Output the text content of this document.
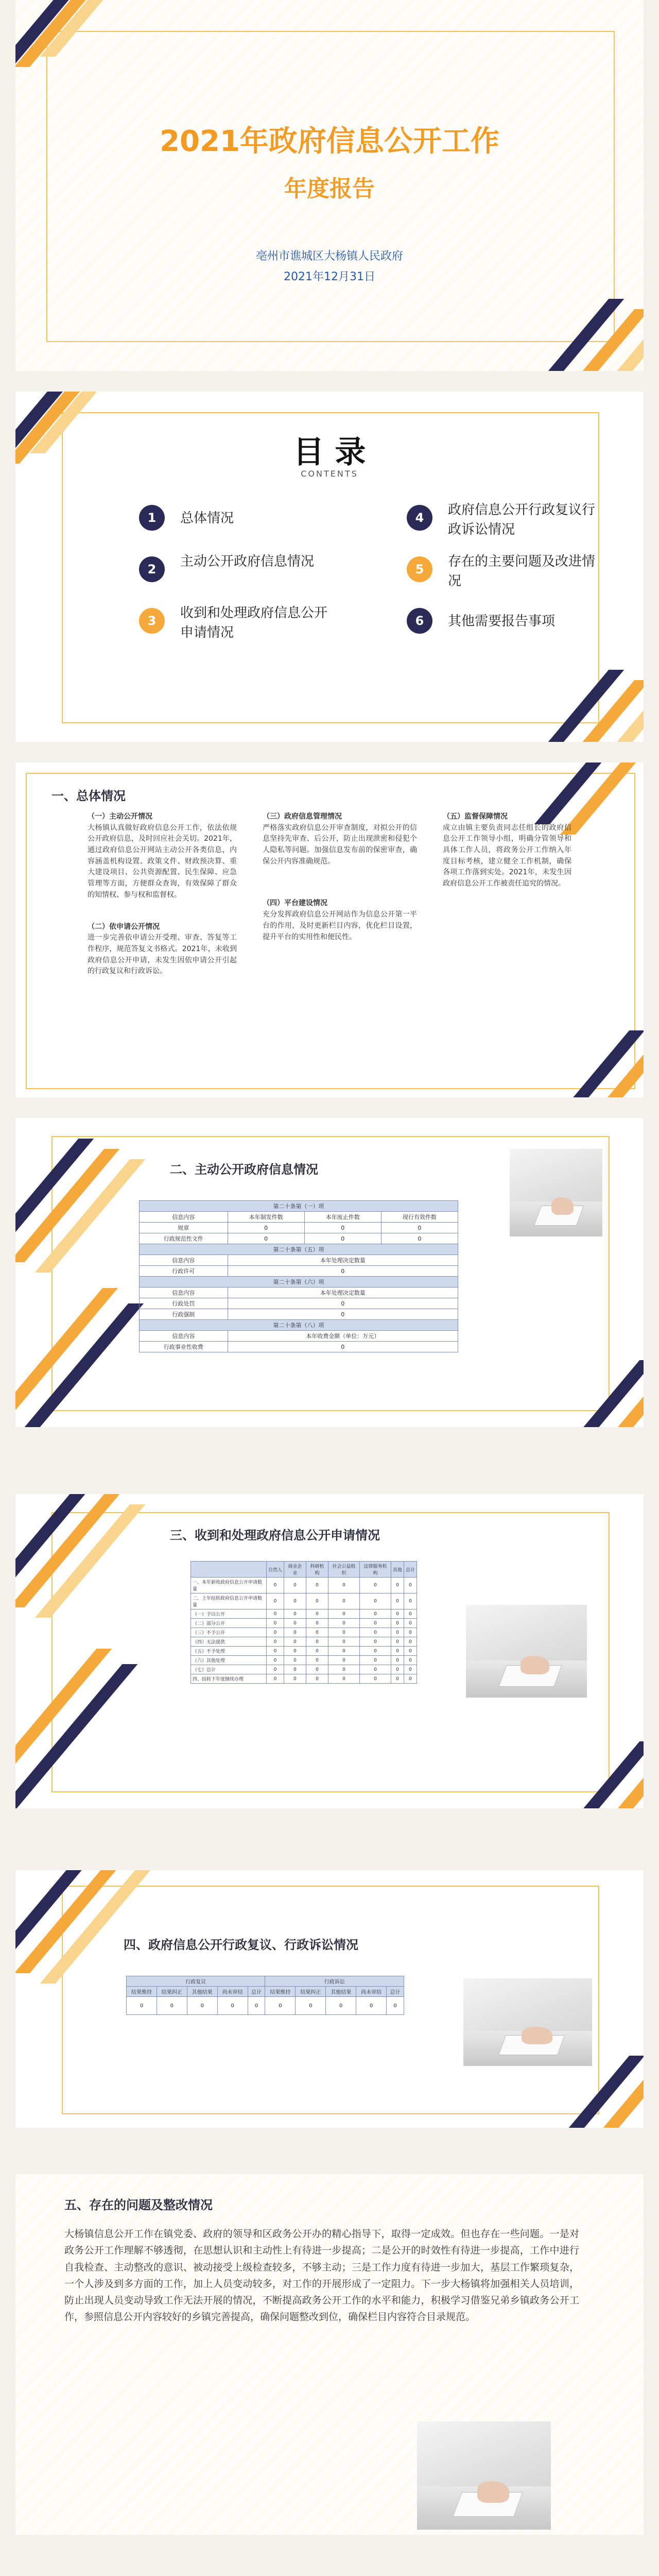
2021年政府信息公开工作
年度报告
亳州市谯城区大杨镇人民政府
2021年12月31日
目 录
CONTENTS
1	总体情况
2	主动公开政府信息情况
3	收到和处理政府信息公开申请情况
4	政府信息公开行政复议行政诉讼情况
5	存在的主要问题及改进情况
6	其他需要报告事项
一、总体情况
（一）主动公开情况
大杨镇认真做好政府信息公开工作，依法依规公开政府信息，及时回应社会关切。2021年，通过政府信息公开网站主动公开各类信息，内容涵盖机构设置、政策文件、财政预决算、重大建设项目、公共资源配置、民生保障、应急管理等方面，方便群众查询，有效保障了群众的知情权、参与权和监督权。
（二）依申请公开情况
进一步完善依申请公开受理、审查、答复等工作程序，规范答复文书格式。2021年，未收到政府信息公开申请，未发生因依申请公开引起的行政复议和行政诉讼。
（三）政府信息管理情况
严格落实政府信息公开审查制度，对拟公开的信息坚持先审查、后公开，防止出现泄密和侵犯个人隐私等问题。加强信息发布前的保密审查，确保公开内容准确规范。
（四）平台建设情况
充分发挥政府信息公开网站作为信息公开第一平台的作用，及时更新栏目内容，优化栏目设置，提升平台的实用性和便民性。
（五）监督保障情况
成立由镇主要负责同志任组长的政府信息公开工作领导小组，明确分管领导和具体工作人员，将政务公开工作纳入年度目标考核，建立健全工作机制，确保各项工作落到实处。2021年，未发生因政府信息公开工作被责任追究的情况。
二、主动公开政府信息情况
第二十条第（一）项			
信息内容	本年制发件数	本年废止件数	现行有效件数
规章	0	0	0
行政规范性文件	0	0	0
第二十条第（五）项			
信息内容	本年处理决定数量		
行政许可	0		
第二十条第（六）项			
信息内容	本年处理决定数量		
行政处罚	0		
行政强制	0		
第二十条第（八）项			
信息内容	本年收费金额（单位：万元）		
行政事业性收费	0		
三、收到和处理政府信息公开申请情况
	自然人	商业企业	科研机构	社会公益组织	法律服务机构	其他	总计
一、本年新收政府信息公开申请数量	0	0	0	0	0	0	0
二、上年结转政府信息公开申请数量	0	0	0	0	0	0	0
（一）予以公开	0	0	0	0	0	0	0
（二）部分公开	0	0	0	0	0	0	0
（三）不予公开	0	0	0	0	0	0	0
（四）无法提供	0	0	0	0	0	0	0
（五）不予处理	0	0	0	0	0	0	0
（六）其他处理	0	0	0	0	0	0	0
（七）总计	0	0	0	0	0	0	0
四、结转下年度继续办理	0	0	0	0	0	0	0
四、政府信息公开行政复议、行政诉讼情况
行政复议					行政诉讼				
结果维持	结果纠正	其他结果	尚未审结	总计	结果维持	结果纠正	其他结果	尚未审结	总计
0	0	0	0	0	0	0	0	0	0
五、存在的问题及整改情况
大杨镇信息公开工作在镇党委、政府的领导和区政务公开办的精心指导下，取得一定成效。但也存在一些问题。一是对政务公开工作理解不够透彻，在思想认识和主动性上有待进一步提高；二是公开的时效性有待进一步提高，工作中进行自我检查、主动整改的意识、被动接受上级检查较多，不够主动；三是工作力度有待进一步加大，基层工作繁琐复杂，一个人涉及到多方面的工作，加上人员变动较多，对工作的开展形成了一定阻力。下一步大杨镇将加强相关人员培训，防止出现人员变动导致工作无法开展的情况，不断提高政务公开工作的水平和能力，积极学习借鉴兄弟乡镇政务公开工作，参照信息公开内容较好的乡镇完善提高，确保问题整改到位，确保栏目内容符合目录规范。
